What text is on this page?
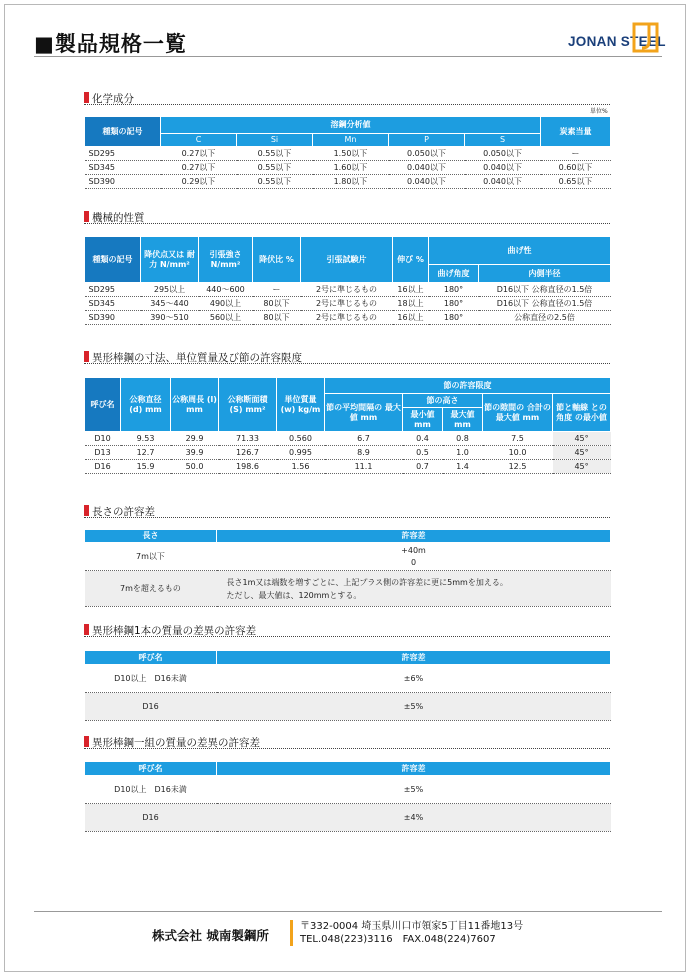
■製品規格一覧	JONAN STEEL
化学成分
単位%
種類の記号	溶鋼分析値					炭素当量
	C	Si	Mn	P	S	
SD295	0.27以下	0.55以下	1.50以下	0.050以下	0.050以下	ー
SD345	0.27以下	0.55以下	1.60以下	0.040以下	0.040以下	0.60以下
SD390	0.29以下	0.55以下	1.80以下	0.040以下	0.040以下	0.65以下
機械的性質
種類の記号	降伏点又は 耐力 N/mm²	引張強さ N/mm²	降伏比 %	引張試験片	伸び %	曲げ性	
						曲げ角度	内側半径
SD295	295以上	440〜600	ー	2号に準じるもの	16以上	180°	D16以下 公称直径の1.5倍
SD345	345〜440	490以上	80以下	2号に準じるもの	18以上	180°	D16以下 公称直径の1.5倍
SD390	390〜510	560以上	80以下	2号に準じるもの	16以上	180°	公称直径の2.5倍
異形棒鋼の寸法、単位質量及び節の許容限度
呼び名	公称直径 (d) mm	公称周長 (l) mm	公称断面積 (S) mm²	単位質量 (w) kg/m	節の許容限度				
					節の平均間隔の 最大値 mm	節の高さ		節の隙間の 合計の最大値 mm	節と軸線 との角度 の最小値
						最小値 mm	最大値 mm		
D10	9.53	29.9	71.33	0.560	6.7	0.4	0.8	7.5	45°
D13	12.7	39.9	126.7	0.995	8.9	0.5	1.0	10.0	45°
D16	15.9	50.0	198.6	1.56	11.1	0.7	1.4	12.5	45°
長さの許容差
長さ	許容差
7m以下	+40m
0

7mを超えるもの	長さ1m又は端数を増すごとに、上記プラス側の許容差に更に5mmを加える。
ただし、最大値は、120mmとする。
異形棒鋼1本の質量の差異の許容差
呼び名	許容差
D10以上　D16未満	±6%
D16	±5%
異形棒鋼一組の質量の差異の許容差
呼び名	許容差
D10以上　D16未満	±5%
D16	±4%
株式会社 城南製鋼所
〒332-0004 埼玉県川口市領家5丁目11番地13号
TEL.048(223)3116　FAX.048(224)7607
